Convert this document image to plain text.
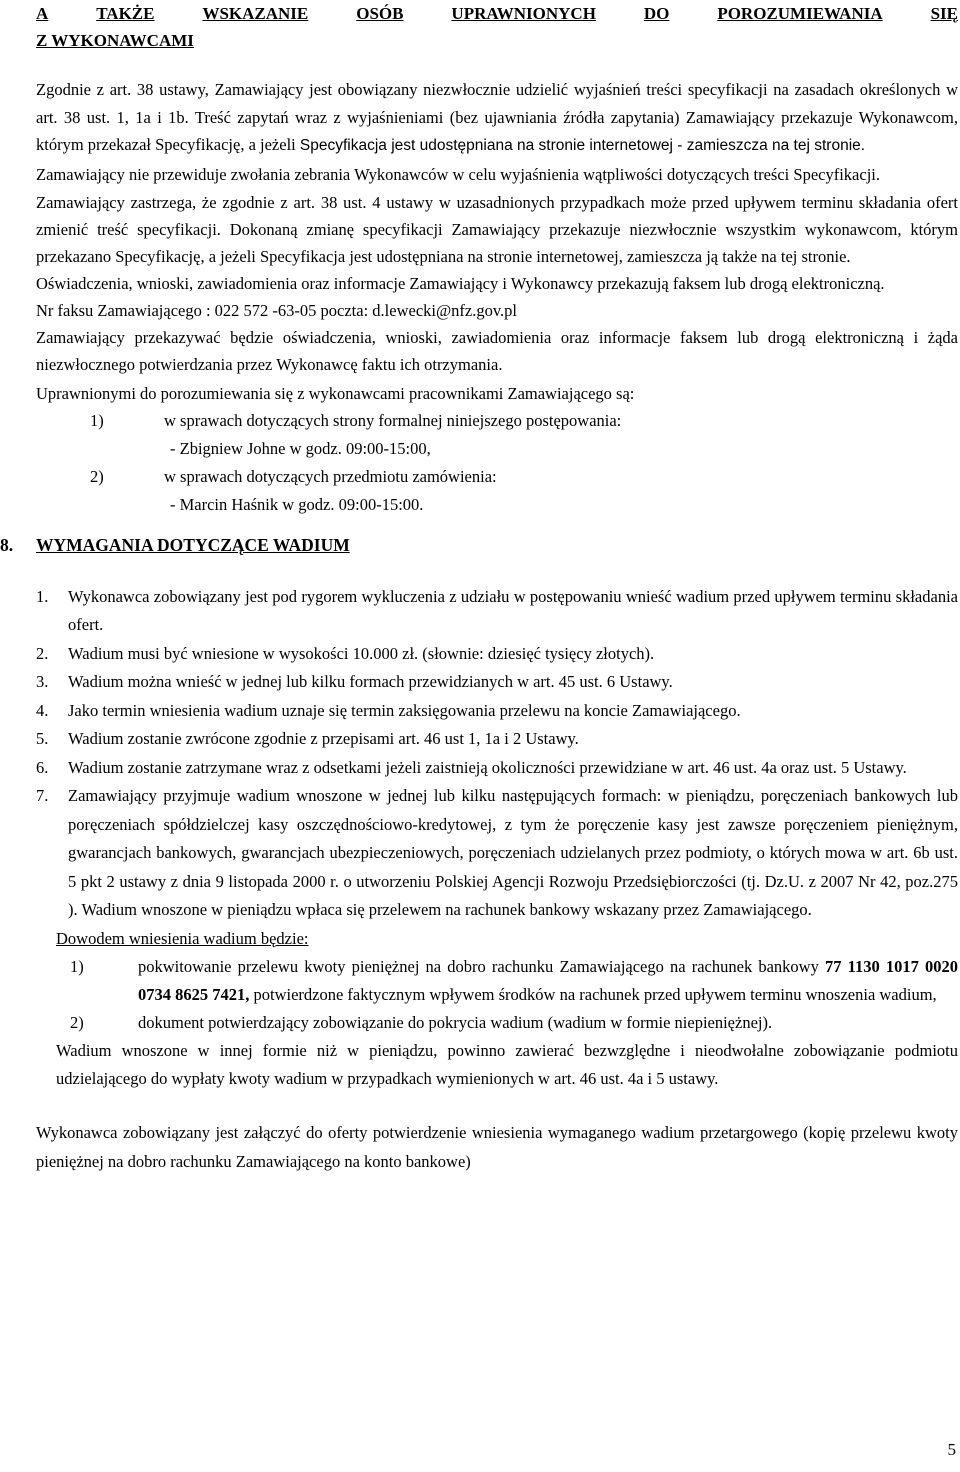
A	TAKŻE	WSKAZANIE	OSÓB	UPRAWNIONYCH	DO	POROZUMIEWANIA	SIĘ
Z WYKONAWCAMI

Zgodnie z art. 38 ustawy, Zamawiający jest obowiązany niezwłocznie udzielić wyjaśnień treści specyfikacji na zasadach określonych w art. 38 ust. 1, 1a i 1b. Treść zapytań wraz z wyjaśnieniami (bez ujawniania źródła zapytania) Zamawiający przekazuje Wykonawcom, którym przekazał Specyfikację, a jeżeli Specyfikacja jest udostępniana na stronie internetowej - zamieszcza na tej stronie.

Zamawiający nie przewiduje zwołania zebrania Wykonawców w celu wyjaśnienia wątpliwości dotyczących treści Specyfikacji.

Zamawiający zastrzega, że zgodnie z art. 38 ust. 4 ustawy w uzasadnionych przypadkach może przed upływem terminu składania ofert zmienić treść specyfikacji. Dokonaną zmianę specyfikacji Zamawiający przekazuje niezwłocznie wszystkim wykonawcom, którym przekazano Specyfikację, a jeżeli Specyfikacja jest udostępniana na stronie internetowej, zamieszcza ją także na tej stronie.

Oświadczenia, wnioski, zawiadomienia oraz informacje Zamawiający i Wykonawcy przekazują faksem lub drogą elektroniczną.

Nr faksu Zamawiającego : 022 572 -63-05 poczta: d.lewecki@nfz.gov.pl

Zamawiający przekazywać będzie oświadczenia, wnioski, zawiadomienia oraz informacje faksem lub drogą elektroniczną i żąda niezwłocznego potwierdzania przez Wykonawcę faktu ich otrzymania.

Uprawnionymi do porozumiewania się z wykonawcami pracownikami Zamawiającego są:

1)	w sprawach dotyczących strony formalnej niniejszego postępowania:
- Zbigniew Johne w godz. 09:00-15:00,
2)	w sprawach dotyczących przedmiotu zamówienia:
- Marcin Haśnik w godz. 09:00-15:00.
8. WYMAGANIA DOTYCZĄCE WADIUM
1.	Wykonawca zobowiązany jest pod rygorem wykluczenia z udziału w postępowaniu wnieść wadium przed upływem terminu składania ofert.
2.	Wadium musi być wniesione w wysokości 10.000 zł. (słownie: dziesięć tysięcy złotych).
3.	Wadium można wnieść w jednej lub kilku formach przewidzianych w art. 45 ust. 6 Ustawy.
4.	Jako termin wniesienia wadium uznaje się termin zaksięgowania przelewu na koncie Zamawiającego.
5.	Wadium zostanie zwrócone zgodnie z przepisami art. 46 ust 1, 1a i 2 Ustawy.
6.	Wadium zostanie zatrzymane wraz z odsetkami jeżeli zaistnieją okoliczności przewidziane w art. 46 ust. 4a oraz ust. 5 Ustawy.
7.	Zamawiający przyjmuje wadium wnoszone w jednej lub kilku następujących formach: w pieniądzu, poręczeniach bankowych lub poręczeniach spółdzielczej kasy oszczędnościowo-kredytowej, z tym że poręczenie kasy jest zawsze poręczeniem pieniężnym, gwarancjach bankowych, gwarancjach ubezpieczeniowych, poręczeniach udzielanych przez podmioty, o których mowa w art. 6b ust. 5 pkt 2 ustawy z dnia 9 listopada 2000 r. o utworzeniu Polskiej Agencji Rozwoju Przedsiębiorczości (tj. Dz.U. z 2007 Nr 42, poz.275 ). Wadium wnoszone w pieniądzu wpłaca się przelewem na rachunek bankowy wskazany przez Zamawiającego.
Dowodem wniesienia wadium będzie:
1)	pokwitowanie przelewu kwoty pieniężnej na dobro rachunku Zamawiającego na rachunek bankowy 77 1130 1017 0020 0734 8625 7421, potwierdzone faktycznym wpływem środków na rachunek przed upływem terminu wnoszenia wadium,
2)	dokument potwierdzający zobowiązanie do pokrycia wadium (wadium w formie niepieniężnej).
Wadium wnoszone w innej formie niż w pieniądzu, powinno zawierać bezwzględne i nieodwołalne zobowiązanie podmiotu udzielającego do wypłaty kwoty wadium w przypadkach wymienionych w art. 46 ust. 4a i 5 ustawy.

Wykonawca zobowiązany jest załączyć do oferty potwierdzenie wniesienia wymaganego wadium przetargowego (kopię przelewu kwoty pieniężnej na dobro rachunku Zamawiającego na konto bankowe)

5
